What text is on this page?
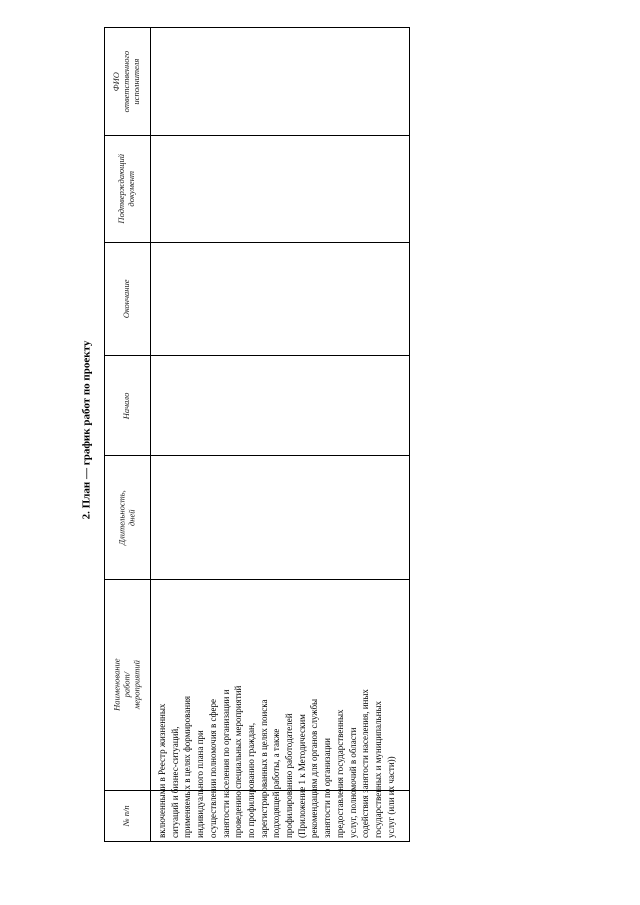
2. План — график работ по проекту
№ п/п
Наименование работ/мероприятий
Длительность, дней
Начало
Окончание
Подтверждающий документ
ФИО ответственного исполнителя
включенными в Реестр жизненных ситуаций и бизнес-ситуаций, применяемых в целях формирования индивидуального плана при осуществлении полномочия в сфере занятости населения по организации и проведению специальных мероприятий по профилированию граждан, зарегистрированных в целях поиска подходящей работы, а также профилированию работодателей (Приложение 1 к Методическим рекомендациям для органов службы занятости по организации предоставления государственных услуг, полномочий в области содействия занятости населения, иных государственных и муниципальных услуг (или их части))
